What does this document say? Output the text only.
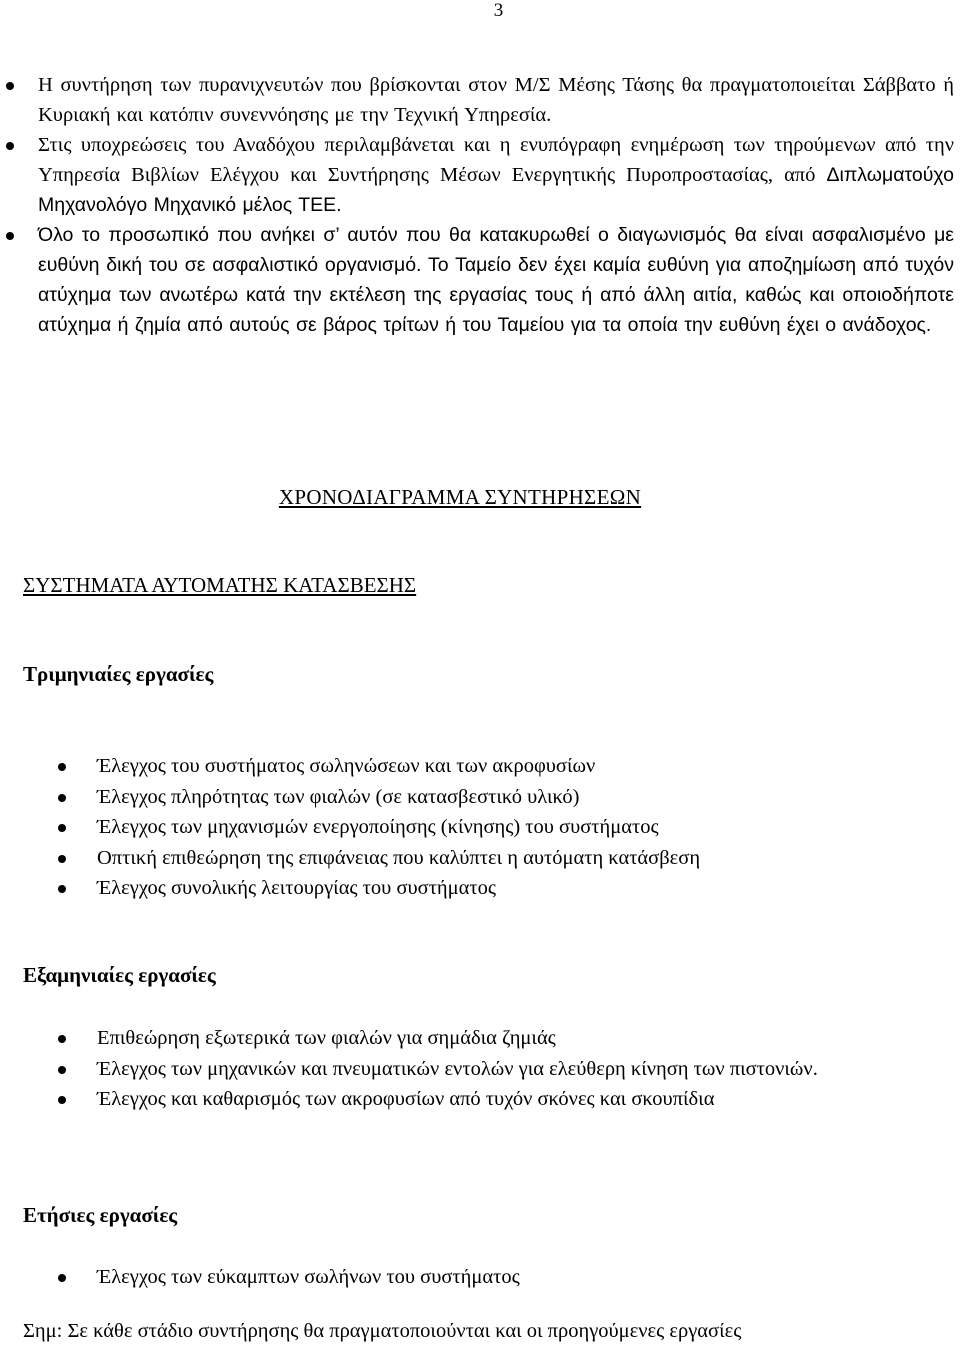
3
Η συντήρηση των πυρανιχνευτών που βρίσκονται στον Μ/Σ Μέσης Τάσης θα πραγματοποιείται Σάββατο ή Κυριακή και κατόπιν συνεννόησης με την Τεχνική Υπηρεσία.
Στις υποχρεώσεις του Αναδόχου περιλαμβάνεται και η ενυπόγραφη ενημέρωση των τηρούμενων από την Υπηρεσία Βιβλίων Ελέγχου και Συντήρησης Μέσων Ενεργητικής Πυροπροστασίας, από Διπλωματούχο Μηχανολόγο Μηχανικό μέλος ΤΕΕ.
Όλο το προσωπικό που ανήκει σ’ αυτόν που θα κατακυρωθεί ο διαγωνισμός θα είναι ασφαλισμένο με ευθύνη δική του σε ασφαλιστικό οργανισμό. Το Ταμείο δεν έχει καμία ευθύνη για αποζημίωση από τυχόν ατύχημα των ανωτέρω κατά την εκτέλεση της εργασίας τους ή από άλλη αιτία, καθώς και οποιοδήποτε ατύχημα ή ζημία από αυτούς σε βάρος τρίτων ή του Ταμείου για τα οποία την ευθύνη έχει ο ανάδοχος.
ΧΡΟΝΟΔΙΑΓΡΑΜΜΑ ΣΥΝΤΗΡΗΣΕΩΝ
ΣΥΣΤΗΜΑΤΑ ΑΥΤΟΜΑΤΗΣ ΚΑΤΑΣΒΕΣΗΣ
Τριμηνιαίες εργασίες
Έλεγχος του συστήματος σωληνώσεων και των ακροφυσίων
Έλεγχος πληρότητας των φιαλών (σε κατασβεστικό υλικό)
Έλεγχος των μηχανισμών ενεργοποίησης (κίνησης) του συστήματος
Οπτική επιθεώρηση της επιφάνειας που καλύπτει η αυτόματη κατάσβεση
Έλεγχος συνολικής λειτουργίας του συστήματος
Εξαμηνιαίες εργασίες
Επιθεώρηση εξωτερικά των φιαλών για σημάδια ζημιάς
Έλεγχος των μηχανικών και πνευματικών εντολών για ελεύθερη κίνηση των πιστονιών.
Έλεγχος και καθαρισμός των ακροφυσίων από τυχόν σκόνες και σκουπίδια
Ετήσιες εργασίες
Έλεγχος των εύκαμπτων σωλήνων του συστήματος

Σημ: Σε κάθε στάδιο συντήρησης θα πραγματοποιούνται και οι προηγούμενες εργασίες
